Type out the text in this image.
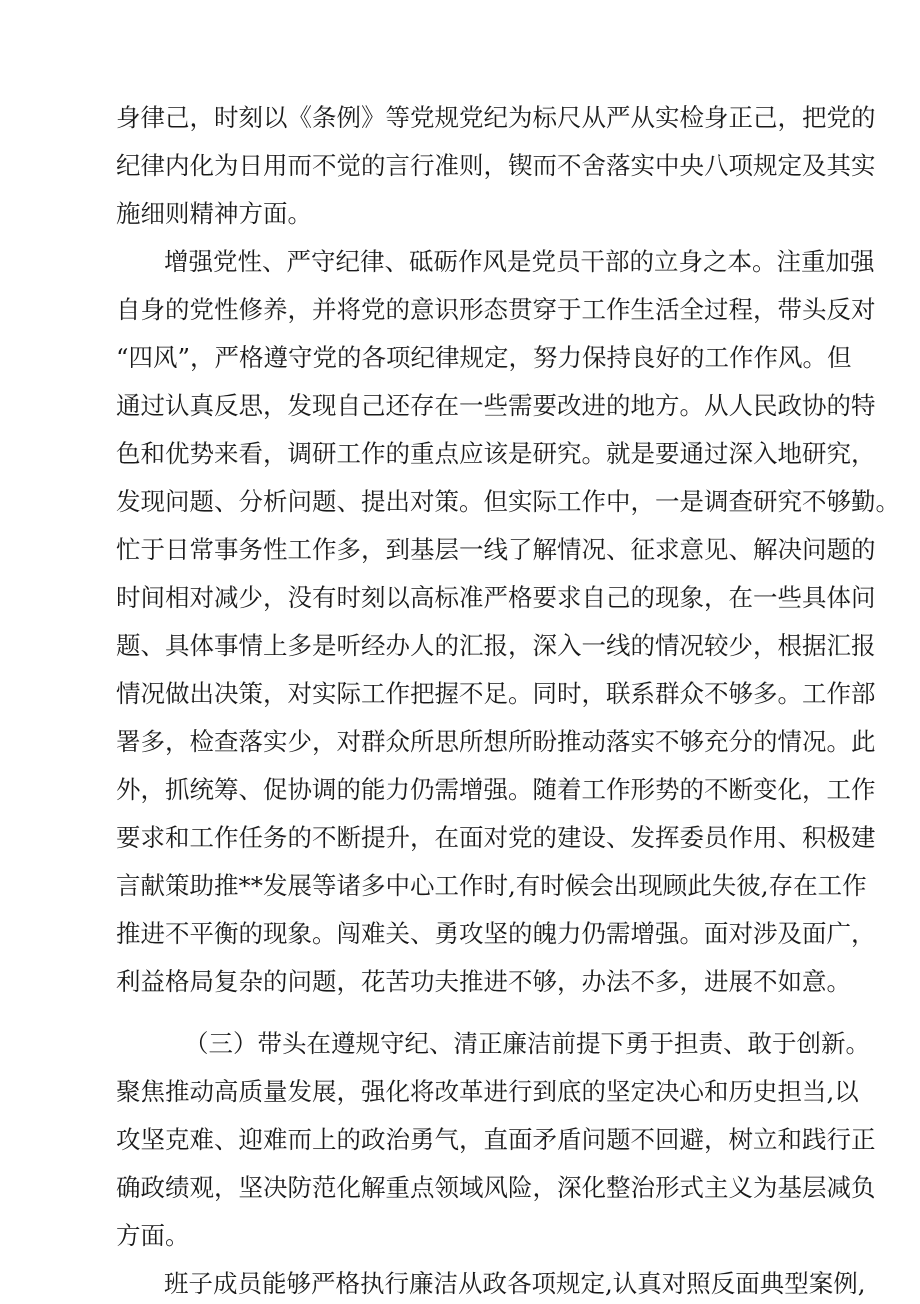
身律己，时刻以《条例》等党规党纪为标尺从严从实检身正己，把党的
纪律内化为日用而不觉的言行准则，锲而不舍落实中央八项规定及其实
施细则精神方面。
增强党性、严守纪律、砥砺作风是党员干部的立身之本。注重加强
自身的党性修养，并将党的意识形态贯穿于工作生活全过程，带头反对
“四风”，严格遵守党的各项纪律规定，努力保持良好的工作作风。但
通过认真反思，发现自己还存在一些需要改进的地方。从人民政协的特
色和优势来看，调研工作的重点应该是研究。就是要通过深入地研究，
发现问题、分析问题、提出对策。但实际工作中，一是调查研究不够勤。
忙于日常事务性工作多，到基层一线了解情况、征求意见、解决问题的
时间相对减少，没有时刻以高标准严格要求自己的现象，在一些具体问
题、具体事情上多是听经办人的汇报，深入一线的情况较少，根据汇报
情况做出决策，对实际工作把握不足。同时，联系群众不够多。工作部
署多，检查落实少，对群众所思所想所盼推动落实不够充分的情况。此
外，抓统筹、促协调的能力仍需增强。随着工作形势的不断变化，工作
要求和工作任务的不断提升，在面对党的建设、发挥委员作用、积极建
言献策助推**发展等诸多中心工作时,有时候会出现顾此失彼,存在工作
推进不平衡的现象。闯难关、勇攻坚的魄力仍需增强。面对涉及面广，
利益格局复杂的问题，花苦功夫推进不够，办法不多，进展不如意。
（三）带头在遵规守纪、清正廉洁前提下勇于担责、敢于创新。
聚焦推动高质量发展，强化将改革进行到底的坚定决心和历史担当,以
攻坚克难、迎难而上的政治勇气，直面矛盾问题不回避，树立和践行正
确政绩观，坚决防范化解重点领域风险，深化整治形式主义为基层减负
方面。
班子成员能够严格执行廉洁从政各项规定,认真对照反面典型案例,
